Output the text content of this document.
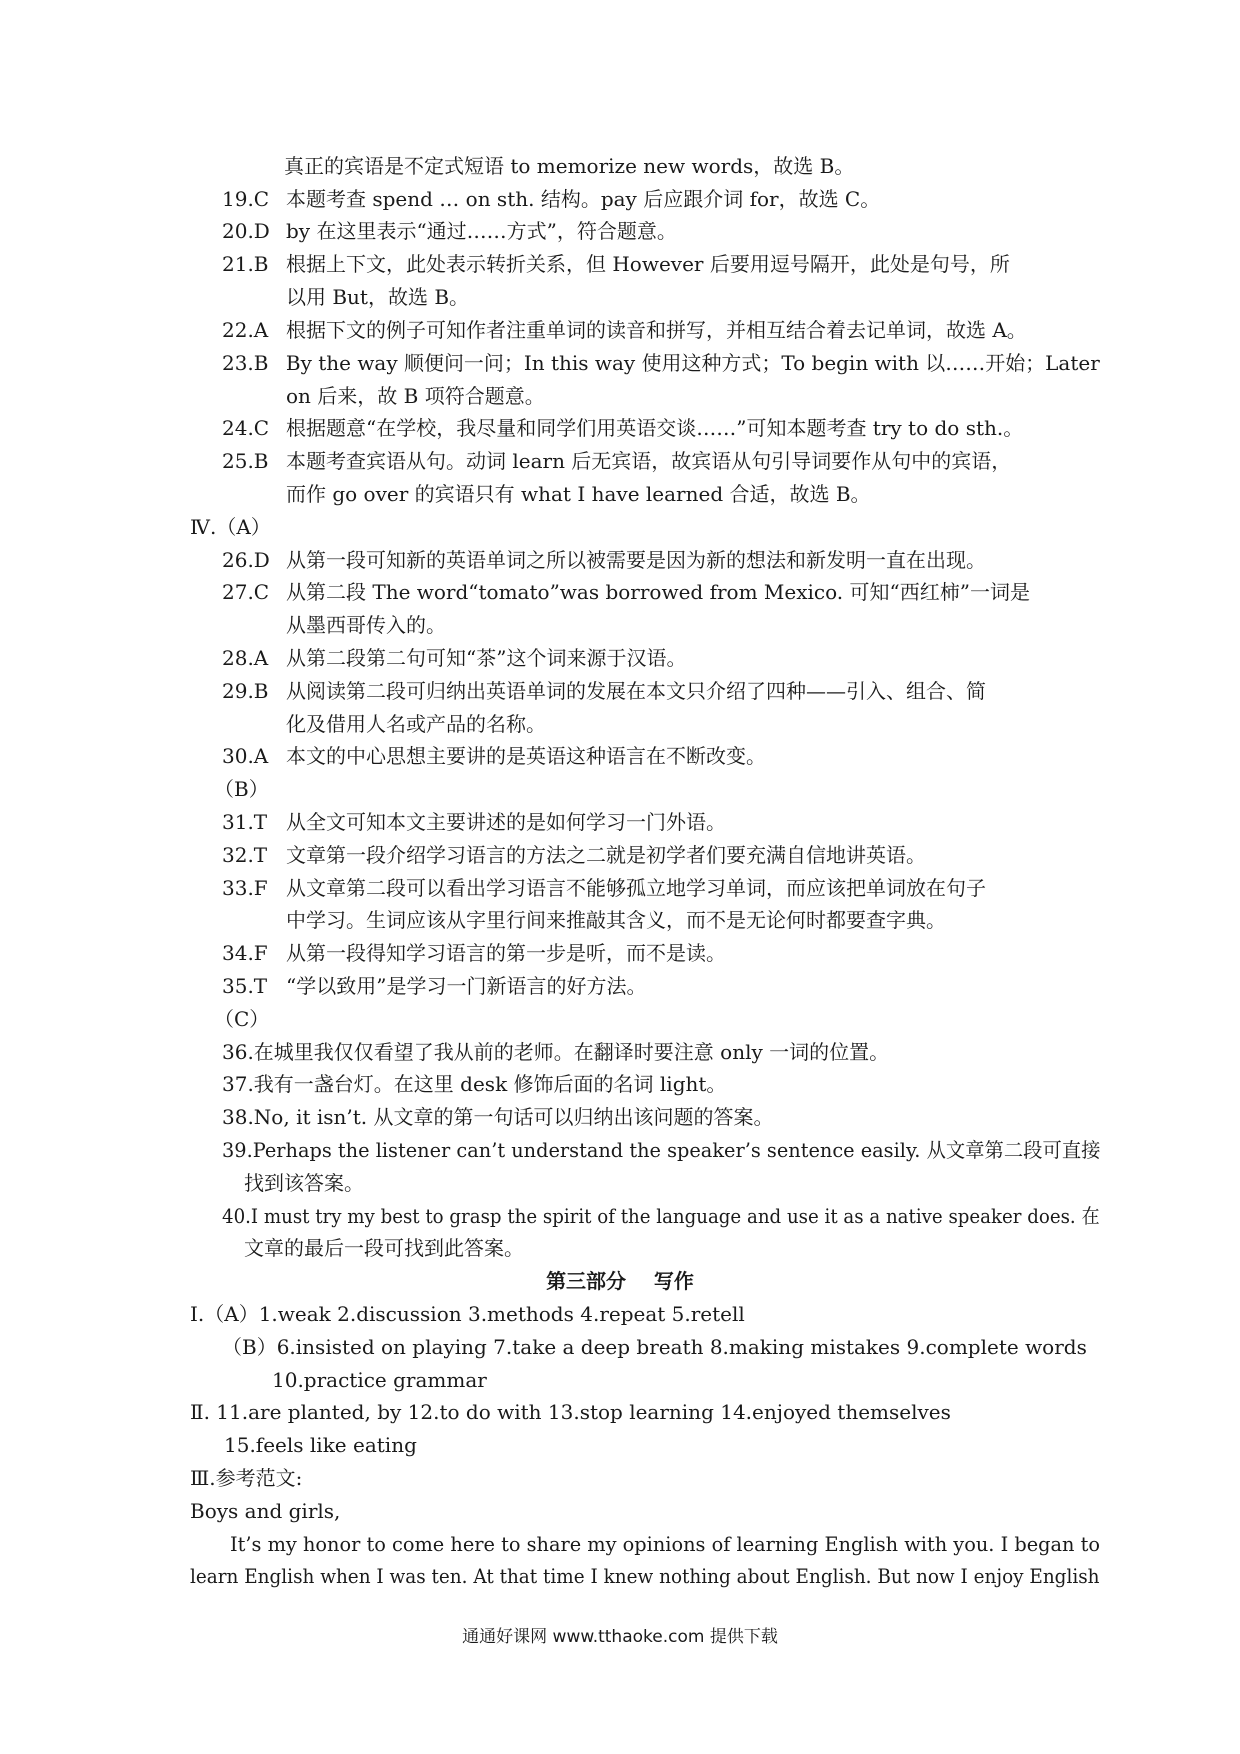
真正的宾语是不定式短语 to memorize new words，故选 B。
19.C 本题考查 spend … on sth. 结构。pay 后应跟介词 for，故选 C。
20.D by 在这里表示“通过……方式”，符合题意。
21.B 根据上下文，此处表示转折关系，但 However 后要用逗号隔开，此处是句号，所
以用 But，故选 B。
22.A 根据下文的例子可知作者注重单词的读音和拼写，并相互结合着去记单词，故选 A。
23.B By the way 顺便问一问；In this way 使用这种方式；To begin with 以……开始；Later
on 后来，故 B 项符合题意。
24.C 根据题意“在学校，我尽量和同学们用英语交谈……”可知本题考查 try to do sth.。
25.B 本题考查宾语从句。动词 learn 后无宾语，故宾语从句引导词要作从句中的宾语，
而作 go over 的宾语只有 what I have learned 合适，故选 B。
Ⅳ.（A）
26.D 从第一段可知新的英语单词之所以被需要是因为新的想法和新发明一直在出现。
27.C 从第二段 The word“tomato”was borrowed from Mexico. 可知“西红柿”一词是
从墨西哥传入的。
28.A 从第二段第二句可知“茶”这个词来源于汉语。
29.B 从阅读第二段可归纳出英语单词的发展在本文只介绍了四种——引入、组合、简
化及借用人名或产品的名称。
30.A 本文的中心思想主要讲的是英语这种语言在不断改变。
（B）
31.T 从全文可知本文主要讲述的是如何学习一门外语。
32.T 文章第一段介绍学习语言的方法之二就是初学者们要充满自信地讲英语。
33.F 从文章第二段可以看出学习语言不能够孤立地学习单词，而应该把单词放在句子
中学习。生词应该从字里行间来推敲其含义，而不是无论何时都要查字典。
34.F 从第一段得知学习语言的第一步是听，而不是读。
35.T “学以致用”是学习一门新语言的好方法。
（C）
36.在城里我仅仅看望了我从前的老师。在翻译时要注意 only 一词的位置。
37.我有一盏台灯。在这里 desk 修饰后面的名词 light。
38.No, it isn’t. 从文章的第一句话可以归纳出该问题的答案。
39.Perhaps the listener can’t understand the speaker’s sentence easily. 从文章第二段可直接
找到该答案。
40.I must try my best to grasp the spirit of the language and use it as a native speaker does. 在
文章的最后一段可找到此答案。
第三部分    写作
Ⅰ.（A）1.weak 2.discussion 3.methods 4.repeat 5.retell
（B）6.insisted on playing 7.take a deep breath 8.making mistakes 9.complete words
10.practice grammar
Ⅱ. 11.are planted, by 12.to do with 13.stop learning 14.enjoyed themselves
15.feels like eating
Ⅲ.参考范文:
Boys and girls,
It’s my honor to come here to share my opinions of learning English with you. I began to
learn English when I was ten. At that time I knew nothing about English. But now I enjoy English
通通好课网 www.tthaoke.com 提供下载
